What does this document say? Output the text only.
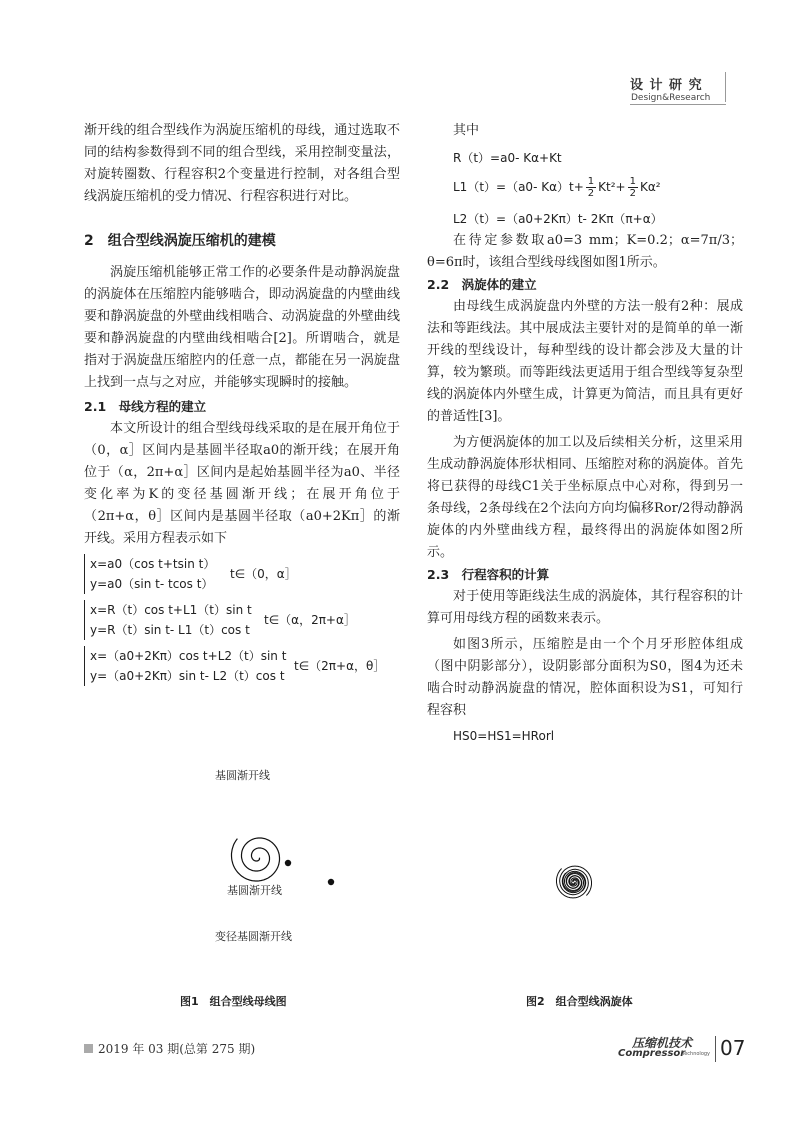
设 计 研 究
Design&Research

渐开线的组合型线作为涡旋压缩机的母线，通过选取不同的结构参数得到不同的组合型线，采用控制变量法，对旋转圈数、行程容积2个变量进行控制，对各组合型线涡旋压缩机的受力情况、行程容积进行对比。

2　组合型线涡旋压缩机的建模

涡旋压缩机能够正常工作的必要条件是动静涡旋盘的涡旋体在压缩腔内能够啮合，即动涡旋盘的内壁曲线要和静涡旋盘的外壁曲线相啮合、动涡旋盘的外壁曲线要和静涡旋盘的内壁曲线相啮合[2]。所谓啮合，就是指对于涡旋盘压缩腔内的任意一点，都能在另一涡旋盘上找到一点与之对应，并能够实现瞬时的接触。

2.1　母线方程的建立

本文所设计的组合型线母线采取的是在展开角位于（0，α］区间内是基圆半径取a0的渐开线；在展开角位于（α，2π+α］区间内是起始基圆半径为a0、半径变化率为K的变径基圆渐开线；在展开角位于（2π+α，θ］区间内是基圆半径取（a0+2Kπ］的渐开线。采用方程表示如下

x=a0（cos t+tsin t）
y=a0（sin t- tcos t）
t∈（0，α］
x=R（t）cos t+L1（t）sin t
y=R（t）sin t- L1（t）cos t
t∈（α，2π+α］
x=（a0+2Kπ）cos t+L2（t）sin t
y=（a0+2Kπ）sin t- L2（t）cos t
t∈（2π+α，θ］
其中
R（t）=a0- Kα+Kt
L1（t）=（a0- $K\alpha)t+ \frac{1}{2} Kt^2+ \frac{1}{2} K\alpha^2$
L2（t）=（a0+2Kπ）t- 2Kπ（π+α）

在待定参数取a0=3 mm；K=0.2；α=7π/3；θ=6π时，该组合型线母线图如图1所示。

2.2　涡旋体的建立

由母线生成涡旋盘内外壁的方法一般有2种：展成法和等距线法。其中展成法主要针对的是简单的单一渐开线的型线设计，每种型线的设计都会涉及大量的计算，较为繁琐。而等距线法更适用于组合型线等复杂型线的涡旋体内外壁生成，计算更为简洁，而且具有更好的普适性[3]。

为方便涡旋体的加工以及后续相关分析，这里采用生成动静涡旋体形状相同、压缩腔对称的涡旋体。首先将已获得的母线C1关于坐标原点中心对称，得到另一条母线，2条母线在2个法向方向均偏移Ror/2得动静涡旋体的内外壁曲线方程，最终得出的涡旋体如图2所示。

2.3　行程容积的计算

对于使用等距线法生成的涡旋体，其行程容积的计算可用母线方程的函数来表示。

如图3所示，压缩腔是由一个个月牙形腔体组成（图中阴影部分），设阴影部分面积为S0，图4为还未啮合时动静涡旋盘的情况，腔体面积设为S1，可知行程容积

HS0=HS1=HRorl
基圆渐开线
基圆渐开线
变径基圆渐开线
图1　组合型线母线图	图2　组合型线涡旋体
2019 年 03 期(总第 275 期)	压缩机技术
Compressor
Technology 07
